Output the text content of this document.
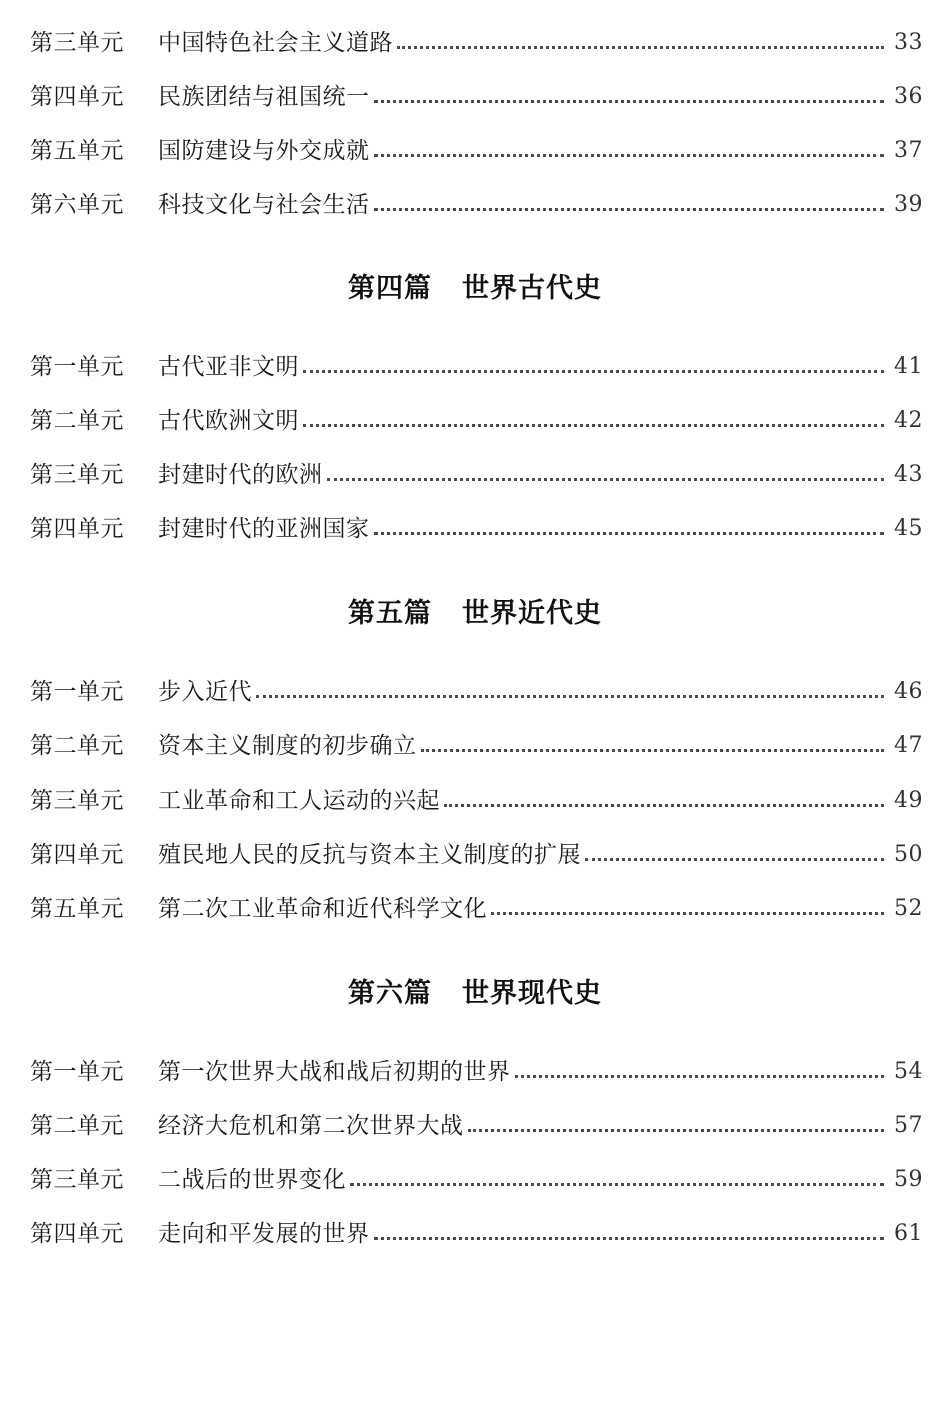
第三单元	中国特色社会主义道路	33
第四单元	民族团结与祖国统一	36
第五单元	国防建设与外交成就	37
第六单元	科技文化与社会生活	39
第四篇 世界古代史
第一单元	古代亚非文明	41
第二单元	古代欧洲文明	42
第三单元	封建时代的欧洲	43
第四单元	封建时代的亚洲国家	45
第五篇 世界近代史
第一单元	步入近代	46
第二单元	资本主义制度的初步确立	47
第三单元	工业革命和工人运动的兴起	49
第四单元	殖民地人民的反抗与资本主义制度的扩展	50
第五单元	第二次工业革命和近代科学文化	52
第六篇 世界现代史
第一单元	第一次世界大战和战后初期的世界	54
第二单元	经济大危机和第二次世界大战	57
第三单元	二战后的世界变化	59
第四单元	走向和平发展的世界	61
